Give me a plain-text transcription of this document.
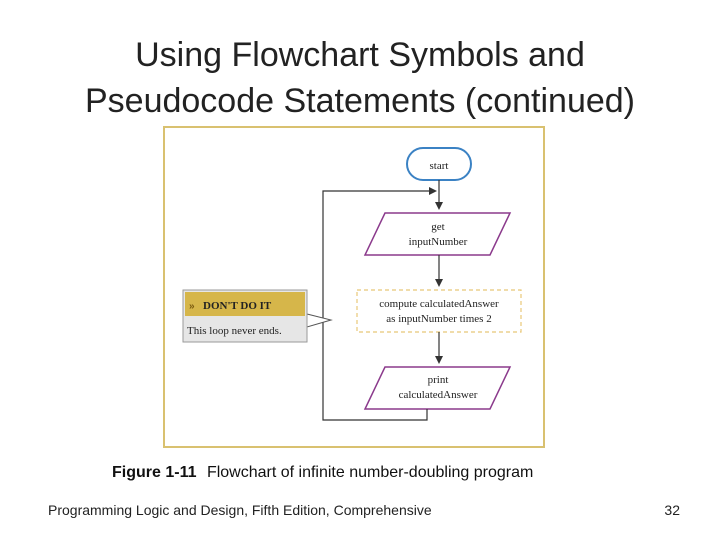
Using Flowchart Symbols and
Pseudocode Statements (continued)
start
get
inputNumber
compute calculatedAnswer
as inputNumber times 2
print
calculatedAnswer
» DON'T DO IT
This loop never ends.
Figure 1-11 Flowchart of infinite number-doubling program
Programming Logic and Design, Fifth Edition, Comprehensive	32
